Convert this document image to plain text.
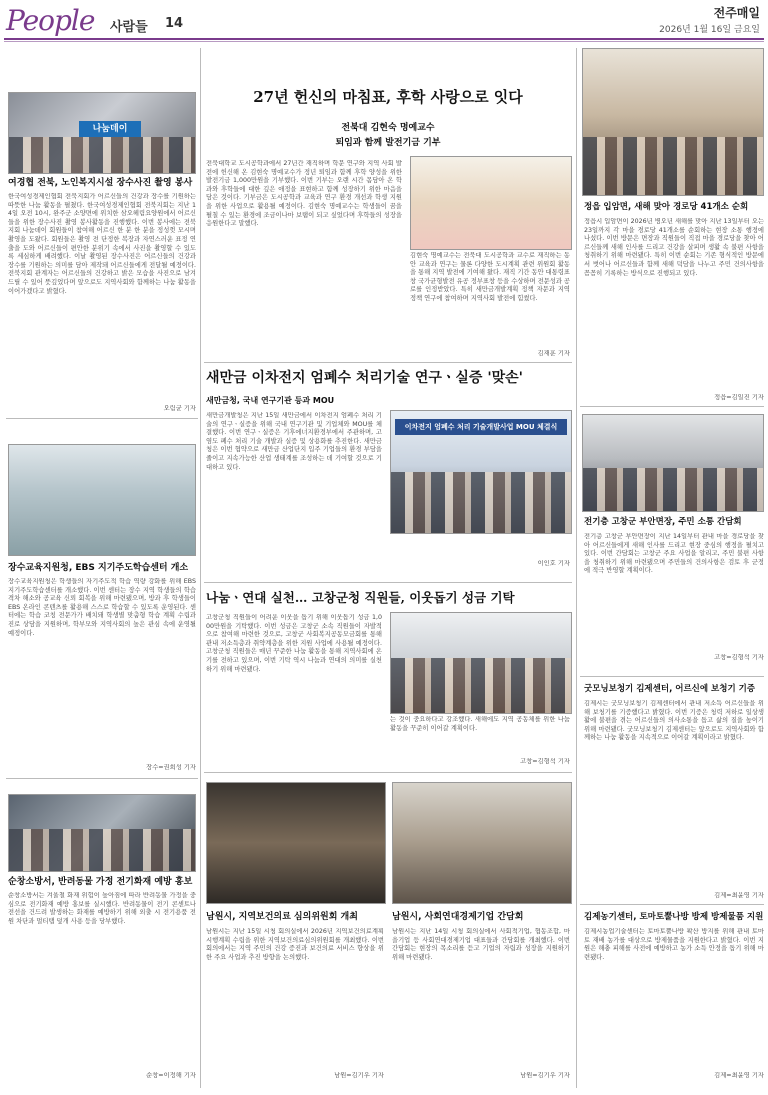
People 사람들 14
전주매일
2026년 1월 16일 금요일
나눔데이
여경협 전북, 노인복지시설 장수사진 촬영 봉사
한국여성경제인협회 전북지회가 어르신들의 건강과 장수를 기원하는 따뜻한 나눔 활동을 펼쳤다. 한국여성경제인협회 전북지회는 지난 14일 오전 10시, 완주군 소양면에 위치한 삼오헤림요양원에서 어르신들을 위한 장수사진 촬영 봉사활동을 진행했다. 이번 봉사에는 전북지회 나눔데이 회원들이 참여해 어르신 한 분 한 분을 정성껏 모시며 촬영을 도왔다. 회원들은 촬영 전 단정한 복장과 자연스러운 표정 연출을 도와 어르신들이 편안한 분위기 속에서 사진을 촬영할 수 있도록 세심하게 배려했다. 이날 촬영된 장수사진은 어르신들의 건강과 장수를 기원하는 의미를 담아 제작돼 어르신들에게 전달될 예정이다. 전북지회 관계자는 어르신들의 건강하고 밝은 모습을 사진으로 남겨 드릴 수 있어 뜻깊었다며 앞으로도 지역사회와 함께하는 나눔 활동을 이어가겠다고 밝혔다.
오림균 기자
장수교육지원청, EBS 지기주도학습센터 개소
장수교육지원청은 학생들의 자기주도적 학습 역량 강화를 위해 EBS 지기주도학습센터를 개소했다. 이번 센터는 장수 지역 학생들의 학습 격차 해소와 공교육 신뢰 회복을 위해 마련됐으며, 방과 후 학생들이 EBS 온라인 콘텐츠를 활용해 스스로 학습할 수 있도록 운영된다. 센터에는 학습 코칭 전문가가 배치돼 학생별 맞춤형 학습 계획 수립과 진로 상담을 지원하며, 학부모와 지역사회의 높은 관심 속에 운영될 예정이다.
장수=권희성 기자
순창소방서, 반려동물 가정 전기화재 예방 홍보
순창소방서는 겨울철 화재 위험이 높아짐에 따라 반려동물 가정을 중심으로 전기화재 예방 홍보를 실시했다. 반려동물이 전기 콘센트나 전선을 건드려 발생하는 화재를 예방하기 위해 외출 시 전기용품 전원 차단과 멀티탭 덮개 사용 등을 당부했다.
순창=이정해 기자
27년 헌신의 마침표, 후학 사랑으로 잇다
전북대 김현숙 명예교수
퇴임과 함께 발전기금 기부
전북대학교 도시공학과에서 27년간 재직하며 학문 연구와 지역 사회 발전에 헌신해 온 김현숙 명예교수가 정년 퇴임과 함께 후학 양성을 위한 발전기금 1,000만원을 기부했다. 이번 기부는 오랜 시간 몸담아 온 학과와 후학들에 대한 깊은 애정을 표현하고 함께 성장하기 위한 마음을 담은 것이다. 기부금은 도시공학과 교육과 연구 환경 개선과 학생 지원을 위한 사업으로 활용될 예정이다. 김현숙 명예교수는 학생들이 꿈을 펼칠 수 있는 환경에 조금이나마 보탬이 되고 싶었다며 후학들의 성장을 응원한다고 말했다.
김현숙 명예교수는 전북대 도시공학과 교수로 재직하는 동안 교육과 연구는 물론 다양한 도시계획 관련 위원회 활동을 통해 지역 발전에 기여해 왔다. 재직 기간 동안 대통령표창 국가균형발전 유공 정부표창 등을 수상하며 전문성과 공로를 인정받았다. 특히 새만금개발계획 정책 자문과 지역 정책 연구에 참여하며 지역사회 발전에 힘썼다.
김재훈 기자
새만금 이차전지 엄폐수 처리기술 연구ㆍ실증 '맞손'
새만금청, 국내 연구기관 등과 MOU
새만금개발청은 지난 15일 새만금에서 이차전지 엄폐수 처리 기술의 연구ㆍ실증을 위해 국내 연구기관 및 기업체와 MOU를 체결했다. 이번 연구ㆍ실증은 기후에너지환경부에서 주관하며, 고염도 폐수 처리 기술 개발과 실증 및 상용화를 추진한다. 새만금청은 이번 협약으로 새만금 산업단지 입주 기업들의 환경 부담을 줄이고 지속가능한 산업 생태계를 조성하는 데 기여할 것으로 기대하고 있다.
이차전지 엄폐수 처리 기술개발사업 MOU 체결식
이인호 기자
나눔ㆍ연대 실천… 고창군청 직원들, 이웃돕기 성금 기탁
고창군청 직원들이 어려운 이웃을 돕기 위해 이웃돕기 성금 1,000만원을 기탁했다. 이번 성금은 고창군 소속 직원들이 자발적으로 참여해 마련한 것으로, 고창군 사회복지공동모금회를 통해 관내 저소득층과 취약계층을 위한 지원 사업에 사용될 예정이다. 고창군청 직원들은 매년 꾸준한 나눔 활동을 통해 지역사회에 온기를 전하고 있으며, 이번 기탁 역시 나눔과 연대의 의미를 실천하기 위해 마련됐다.
는 것이 중요하다고 강조했다. 새해에도 지역 공동체를 위한 나눔 활동을 꾸준히 이어갈 계획이다.
고창=김형석 기자
남원시, 지역보건의료 심의위원회 개최
남원시는 지난 15일 시청 회의실에서 2026년 지역보건의료계획 시행계획 수립을 위한 지역보건의료심의위원회를 개최했다. 이번 회의에서는 지역 주민의 건강 증진과 보건의료 서비스 향상을 위한 주요 사업과 추진 방향을 논의했다.
남원=김기우 기자
남원시, 사회연대경제기업 간담회
남원시는 지난 14일 시청 회의실에서 사회적기업, 협동조합, 마을기업 등 사회연대경제기업 대표들과 간담회를 개최했다. 이번 간담회는 현장의 목소리를 듣고 기업의 자립과 성장을 지원하기 위해 마련됐다.
남원=김기우 기자
정읍 입암면, 새해 맞아 경로당 41개소 순회
정읍시 입암면이 2026년 병오년 새해를 맞아 지난 13일부터 오는 23일까지 각 마을 경로당 41개소를 순회하는 현장 소통 행정에 나섰다. 이번 방문은 면장과 직원들이 직접 마을 경로당을 찾아 어르신들께 새해 인사를 드리고 건강을 살피며 생활 속 불편 사항을 청취하기 위해 마련됐다. 특히 이번 순회는 기존 형식적인 방문에서 벗어나 어르신들과 함께 새해 덕담을 나누고 주민 건의사항을 꼼꼼히 기록하는 방식으로 진행되고 있다.
정읍=김일진 기자
전기층 고창군 부안면장, 주민 소통 간담회
전기층 고창군 부안면장이 지난 14일부터 관내 마을 경로당을 찾아 어르신들에게 새해 인사를 드리고 현장 중심의 행정을 펼치고 있다. 이번 간담회는 고창군 주요 사업을 알리고, 주민 불편 사항을 청취하기 위해 마련됐으며 주민들의 건의사항은 검토 후 군정에 적극 반영할 계획이다.
고창=김형석 기자
굿모닝보청기 김제센터, 어르신에 보청기 기증
김제시는 굿모닝보청기 김제센터에서 관내 저소득 어르신들을 위해 보청기를 기증했다고 밝혔다. 이번 기증은 청력 저하로 일상생활에 불편을 겪는 어르신들의 의사소통을 돕고 삶의 질을 높이기 위해 마련됐다. 굿모닝보청기 김제센터는 앞으로도 지역사회와 함께하는 나눔 활동을 지속적으로 이어갈 계획이라고 밝혔다.
김제=최윤영 기자
김제농기센터, 토마토뿔나방 방제 방제물품 지원
김제시농업기술센터는 토마토뿔나방 확산 방지를 위해 관내 토마토 재배 농가를 대상으로 방제물품을 지원한다고 밝혔다. 이번 지원은 해충 피해를 사전에 예방하고 농가 소득 안정을 돕기 위해 마련됐다.
김제=최윤영 기자
